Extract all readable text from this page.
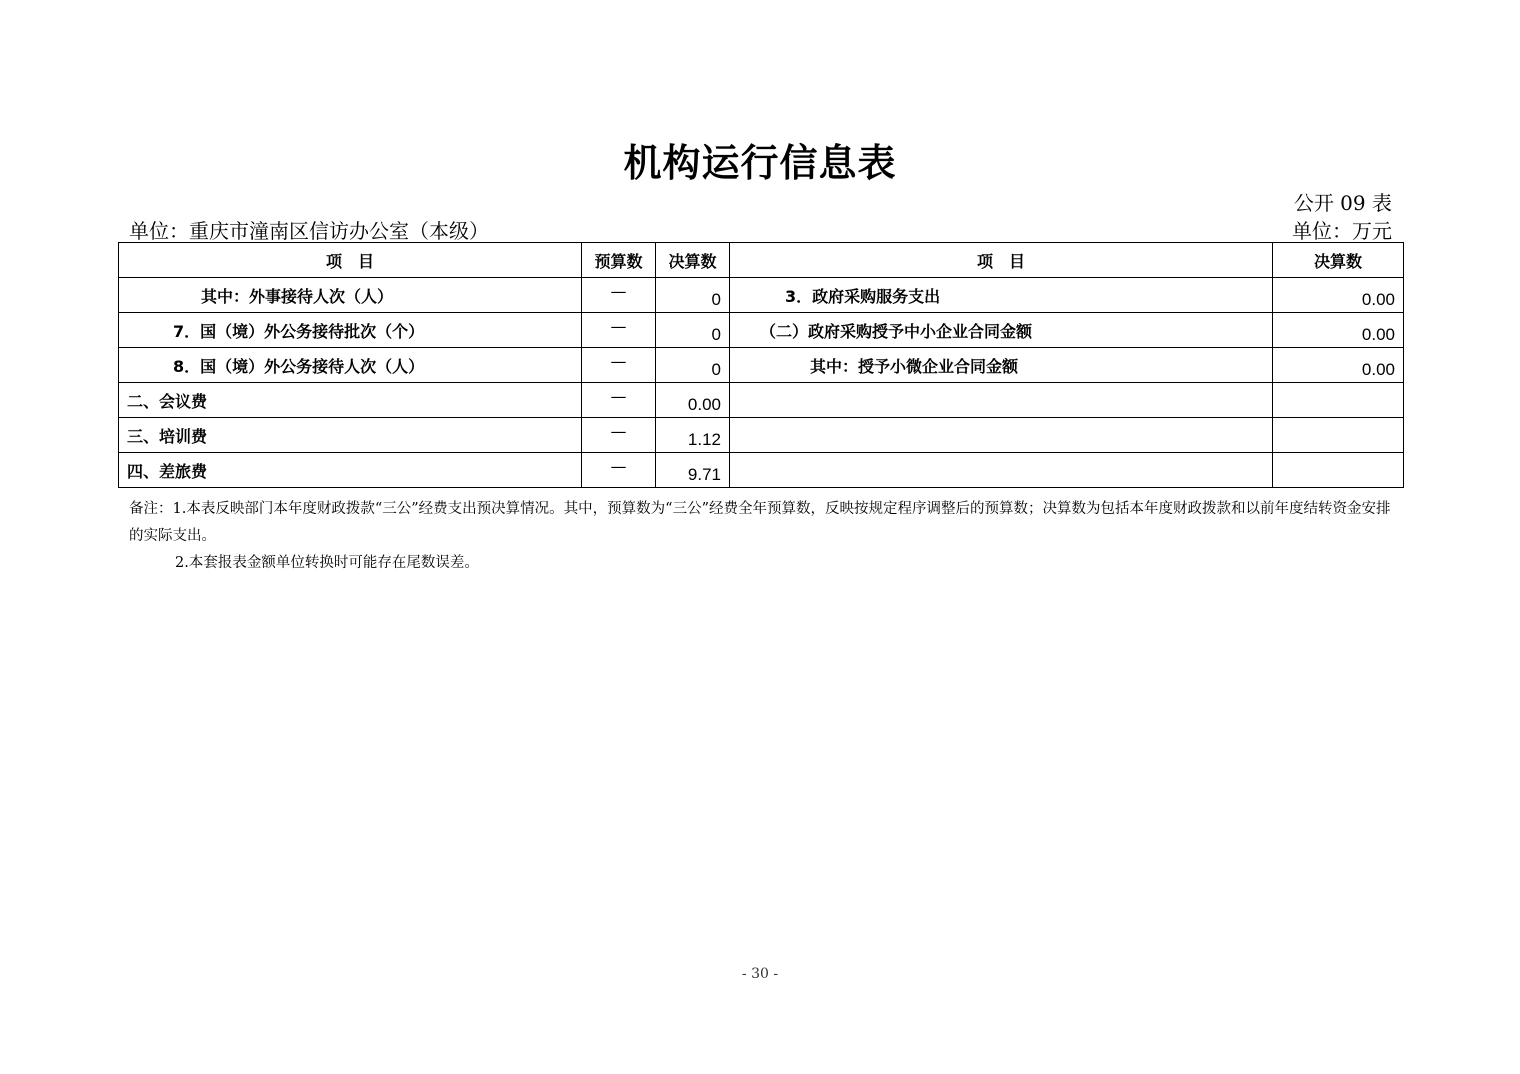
机构运行信息表
公开 09 表
单位：重庆市潼南区信访办公室（本级）	单位：万元
项　目	预算数	决算数	项　目	决算数
其中：外事接待人次（人）	—	0	3．政府采购服务支出	0.00
7．国（境）外公务接待批次（个）	—	0	（二）政府采购授予中小企业合同金额	0.00
8．国（境）外公务接待人次（人）	—	0	其中：授予小微企业合同金额	0.00
二、会议费	—	0.00		
三、培训费	—	1.12		
四、差旅费	—	9.71		
备注：1.本表反映部门本年度财政拨款“三公”经费支出预决算情况。其中，预算数为“三公”经费全年预算数，反映按规定程序调整后的预算数；决算数为包括本年度财政拨款和以前年度结转资金安排的实际支出。
2.本套报表金额单位转换时可能存在尾数误差。
- 30 -
